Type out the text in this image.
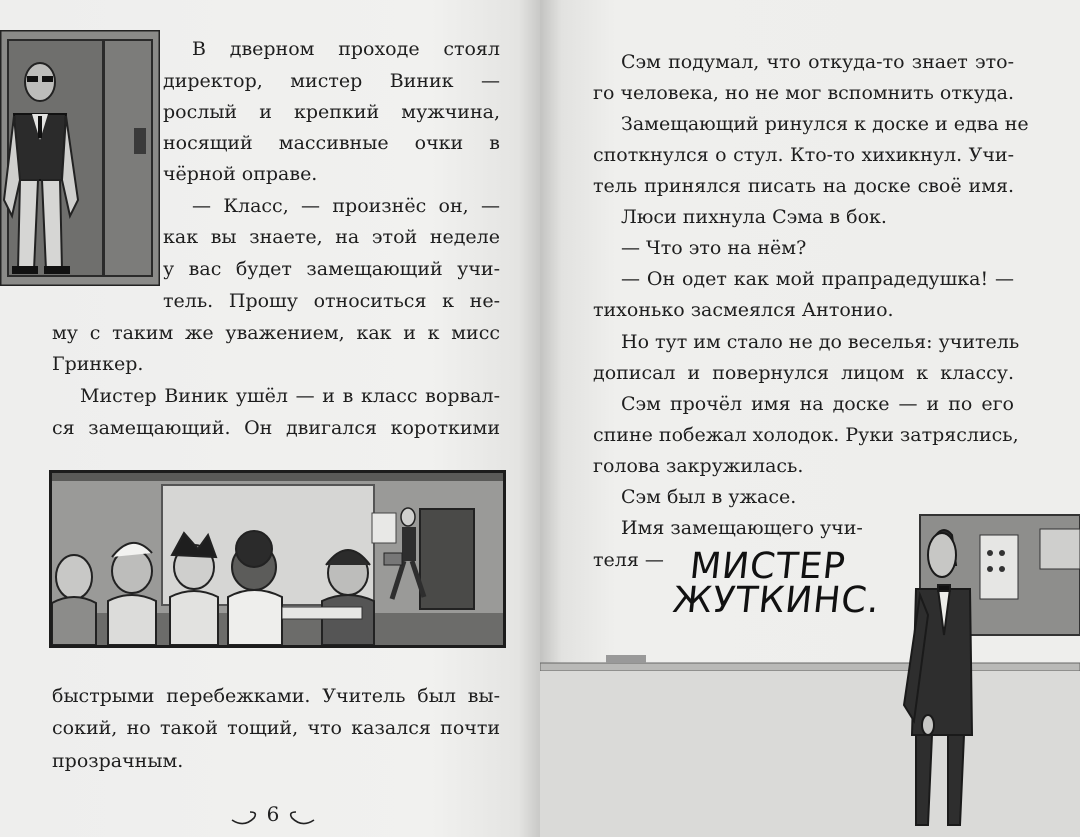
В дверном проходе стоял

директор, мистер Виник —

рослый и крепкий мужчина,

носящий массивные очки в

чёрной оправе.

— Класс, — произнёс он, —

как вы знаете, на этой неделе

у вас будет замещающий учи-

тель. Прошу относиться к не-

му с таким же уважением, как и к мисс

Гринкер.

Мистер Виник ушёл — и в класс ворвал-

ся замещающий. Он двигался короткими

быстрыми перебежками. Учитель был вы-

сокий, но такой тощий, что казался почти

прозрачным.

6

Сэм подумал, что откуда-то знает это-

го человека, но не мог вспомнить откуда.

Замещающий ринулся к доске и едва не

споткнулся о стул. Кто-то хихикнул. Учи-

тель принялся писать на доске своё имя.

Люси пихнула Сэма в бок.

— Что это на нём?

— Он одет как мой прапрадедушка! —

тихонько засмеялся Антонио.

Но тут им стало не до веселья: учитель

дописал и повернулся лицом к классу.

Сэм прочёл имя на доске — и по его

спине побежал холодок. Руки затряслись,

голова закружилась.

Сэм был в ужасе.

Имя замещающего учи-

теля — МИСТЕР
ЖУТКИНС.
